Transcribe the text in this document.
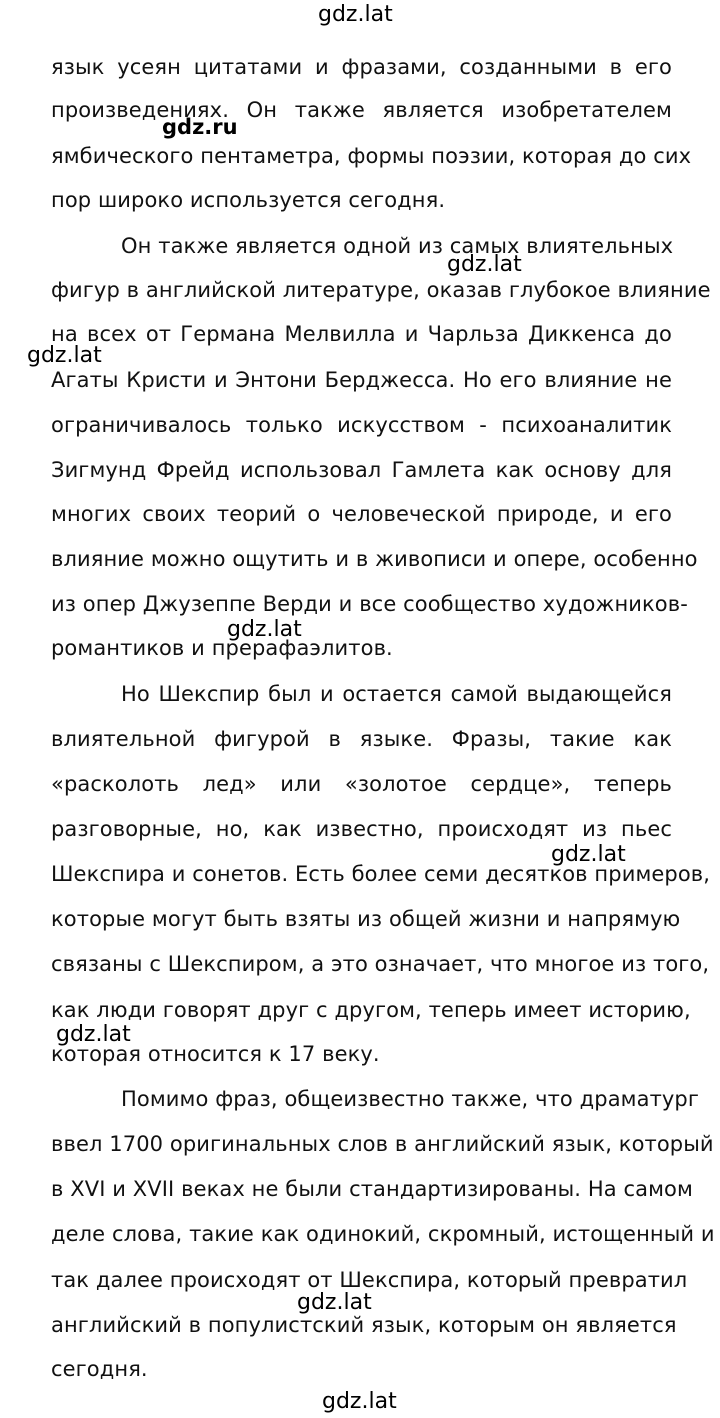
gdz.lat
язык усеян цитатами и фразами, созданными в его
произведениях. Он также является изобретателем
ямбического пентаметра, формы поэзии, которая до сих
пор широко используется сегодня.
Он также является одной из самых влиятельных
фигур в английской литературе, оказав глубокое влияние
на всех от Германа Мелвилла и Чарльза Диккенса до
Агаты Кристи и Энтони Берджесса. Но его влияние не
ограничивалось только искусством - психоаналитик
Зигмунд Фрейд использовал Гамлета как основу для
многих своих теорий о человеческой природе, и его
влияние можно ощутить и в живописи и опере, особенно
из опер Джузеппе Верди и все сообщество художников-
романтиков и прерафаэлитов.
Но Шекспир был и остается самой выдающейся
влиятельной фигурой в языке. Фразы, такие как
«расколоть лед» или «золотое сердце», теперь
разговорные, но, как известно, происходят из пьес
Шекспира и сонетов. Есть более семи десятков примеров,
которые могут быть взяты из общей жизни и напрямую
связаны с Шекспиром, а это означает, что многое из того,
как люди говорят друг с другом, теперь имеет историю,
которая относится к 17 веку.
Помимо фраз, общеизвестно также, что драматург
ввел 1700 оригинальных слов в английский язык, который
в XVI и XVII веках не были стандартизированы. На самом
деле слова, такие как одинокий, скромный, истощенный и
так далее происходят от Шекспира, который превратил
английский в популистский язык, которым он является
сегодня.
gdz.ru
gdz.lat
gdz.lat
gdz.lat
gdz.lat
gdz.lat
gdz.lat
gdz.lat
